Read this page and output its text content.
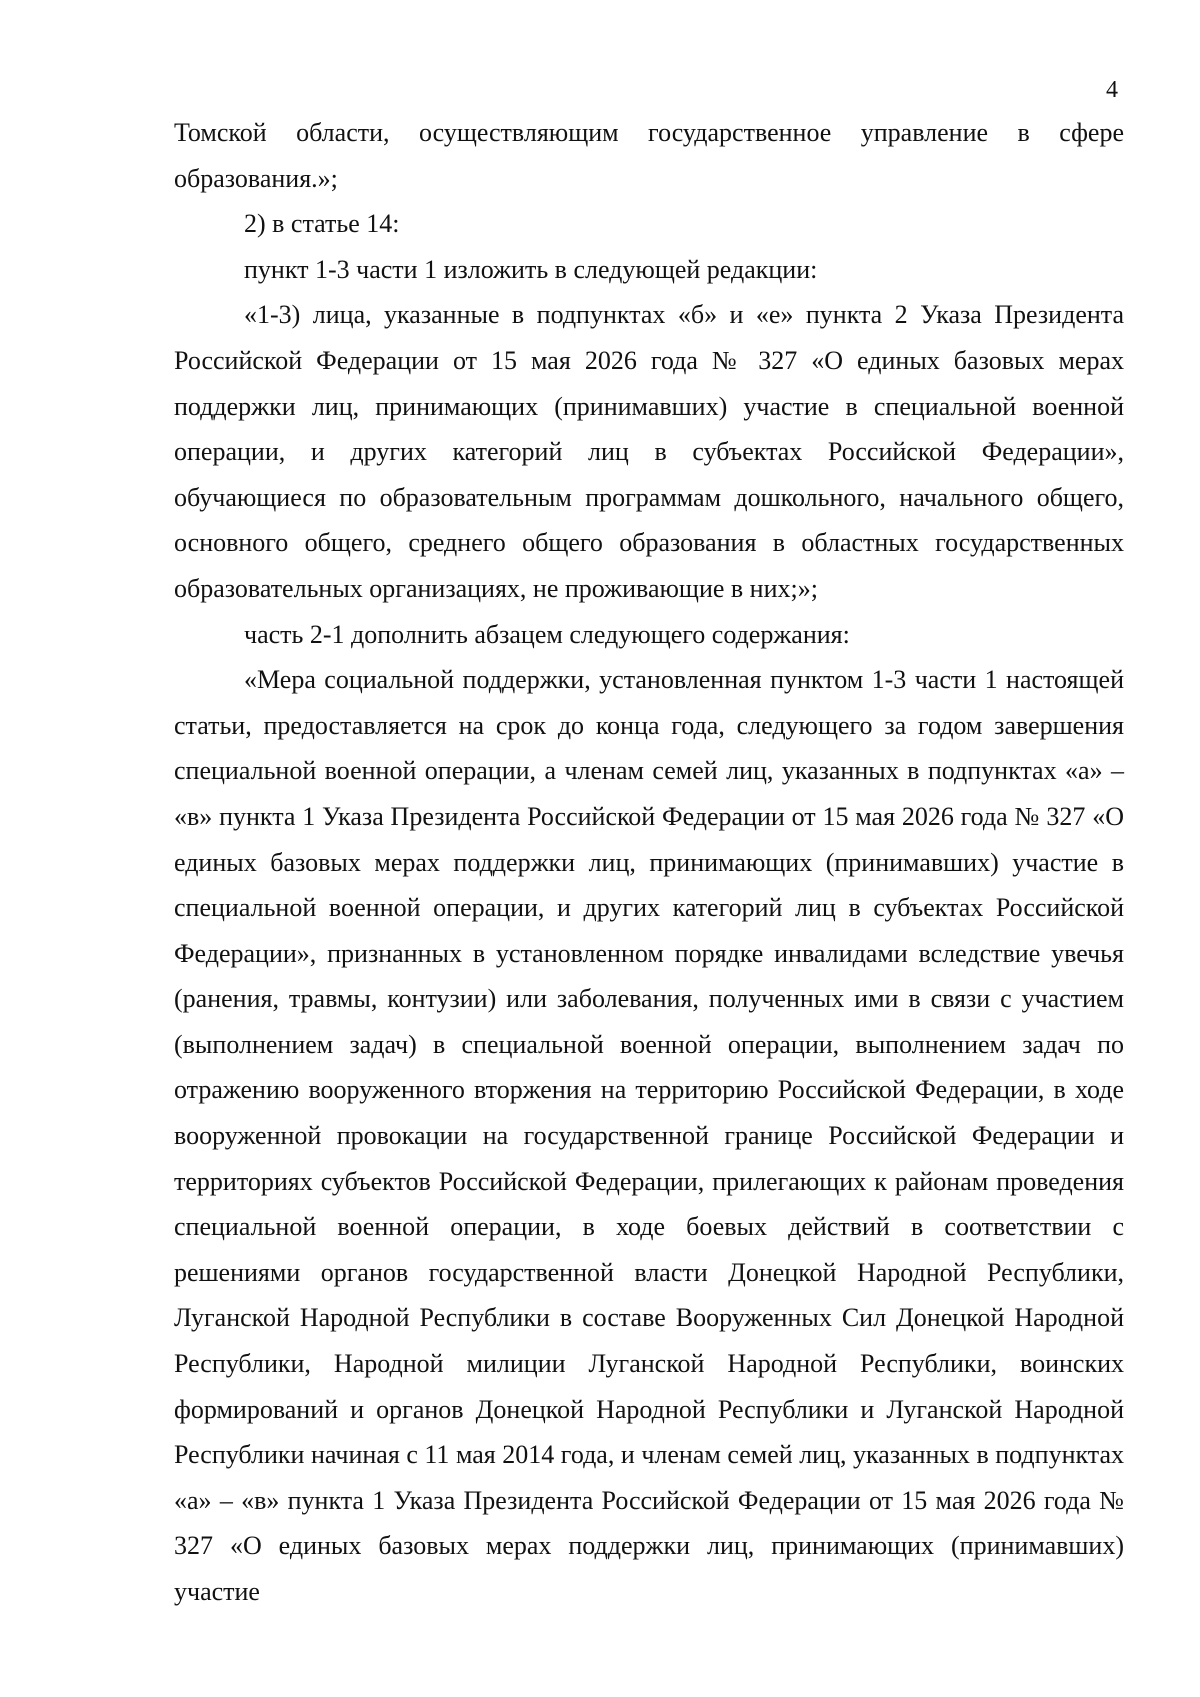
4

Томской области, осуществляющим государственное управление в сфере образования.»;

2) в статье 14:

пункт 1-3 части 1 изложить в следующей редакции:

«1-3) лица, указанные в подпунктах «б» и «е» пункта 2 Указа Президента Российской Федерации от 15 мая 2026 года № 327 «О единых базовых мерах поддержки лиц, принимающих (принимавших) участие в специальной военной операции, и других категорий лиц в субъектах Российской Федерации», обучающиеся по образовательным программам дошкольного, начального общего, основного общего, среднего общего образования в областных государственных образовательных организациях, не проживающие в них;»;

часть 2-1 дополнить абзацем следующего содержания:

«Мера социальной поддержки, установленная пунктом 1-3 части 1 настоящей статьи, предоставляется на срок до конца года, следующего за годом завершения специальной военной операции, а членам семей лиц, указанных в подпунктах «а» – «в» пункта 1 Указа Президента Российской Федерации от 15 мая 2026 года № 327 «О единых базовых мерах поддержки лиц, принимающих (принимавших) участие в специальной военной операции, и других категорий лиц в субъектах Российской Федерации», признанных в установленном порядке инвалидами вследствие увечья (ранения, травмы, контузии) или заболевания, полученных ими в связи с участием (выполнением задач) в специальной военной операции, выполнением задач по отражению вооруженного вторжения на территорию Российской Федерации, в ходе вооруженной провокации на государственной границе Российской Федерации и территориях субъектов Российской Федерации, прилегающих к районам проведения специальной военной операции, в ходе боевых действий в соответствии с решениями органов государственной власти Донецкой Народной Республики, Луганской Народной Республики в составе Вооруженных Сил Донецкой Народной Республики, Народной милиции Луганской Народной Республики, воинских формирований и органов Донецкой Народной Республики и Луганской Народной Республики начиная с 11 мая 2014 года, и членам семей лиц, указанных в подпунктах «а» – «в» пункта 1 Указа Президента Российской Федерации от 15 мая 2026 года № 327 «О единых базовых мерах поддержки лиц, принимающих (принимавших) участие
